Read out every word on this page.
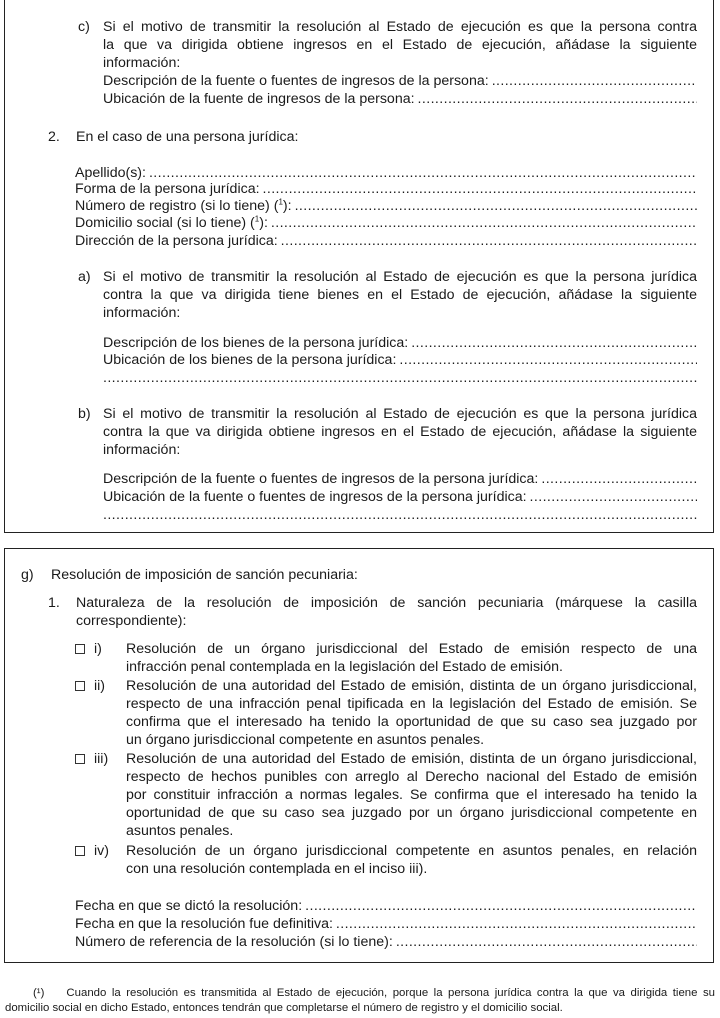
c) Si el motivo de transmitir la resolución al Estado de ejecución es que la persona contra
la que va dirigida obtiene ingresos en el Estado de ejecución, añádase la siguiente
información:
Descripción de la fuente o fuentes de ingresos de la persona:
.....
Ubicación de la fuente de ingresos de la persona:
.....
2. En el caso de una persona jurídica:
Apellido(s):
.....
Forma de la persona jurídica:
.....
Número de registro (si lo tiene) ($^1$):
.....
Domicilio social (si lo tiene) ($^1$):
.....
Dirección de la persona jurídica:
.....
a) Si el motivo de transmitir la resolución al Estado de ejecución es que la persona jurídica
contra la que va dirigida tiene bienes en el Estado de ejecución, añádase la siguiente
información:
Descripción de los bienes de la persona jurídica:
.....
Ubicación de los bienes de la persona jurídica:
.....
.....
b) Si el motivo de transmitir la resolución al Estado de ejecución es que la persona jurídica
contra la que va dirigida obtiene ingresos en el Estado de ejecución, añádase la siguiente
información:
Descripción de la fuente o fuentes de ingresos de la persona jurídica:
.....
Ubicación de la fuente o fuentes de ingresos de la persona jurídica:
.....
.....
g) Resolución de imposición de sanción pecuniaria:
1. Naturaleza de la resolución de imposición de sanción pecuniaria (márquese la casilla
correspondiente):
i) Resolución de un órgano jurisdiccional del Estado de emisión respecto de una
infracción penal contemplada en la legislación del Estado de emisión.
ii) Resolución de una autoridad del Estado de emisión, distinta de un órgano jurisdiccional,
respecto de una infracción penal tipificada en la legislación del Estado de emisión. Se
confirma que el interesado ha tenido la oportunidad de que su caso sea juzgado por
un órgano jurisdiccional competente en asuntos penales.
iii) Resolución de una autoridad del Estado de emisión, distinta de un órgano jurisdiccional,
respecto de hechos punibles con arreglo al Derecho nacional del Estado de emisión
por constituir infracción a normas legales. Se confirma que el interesado ha tenido la
oportunidad de que su caso sea juzgado por un órgano jurisdiccional competente en
asuntos penales.
iv) Resolución de un órgano jurisdiccional competente en asuntos penales, en relación
con una resolución contemplada en el inciso iii).
Fecha en que se dictó la resolución:
.....
Fecha en que la resolución fue definitiva:
.....
Número de referencia de la resolución (si lo tiene):
.....
(¹) Cuando la resolución es transmitida al Estado de ejecución, porque la persona jurídica contra la que va dirigida tiene su
domicilio social en dicho Estado, entonces tendrán que completarse el número de registro y el domicilio social.
